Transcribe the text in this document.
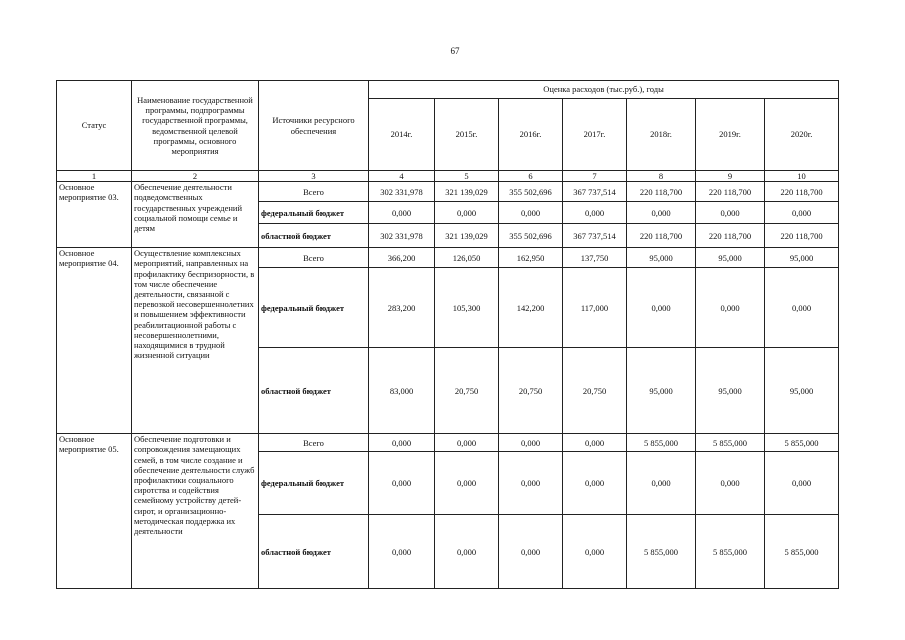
67
Статус	Наименование государственной программы, подпрограммы государственной программы, ведомственной целевой программы, основного мероприятия	Источники ресурсного обеспечения	Оценка расходов (тыс.руб.), годы						
			2014г.	2015г.	2016г.	2017г.	2018г.	2019г.	2020г.
1	2	3	4	5	6	7	8	9	10
Основное мероприятие 03.	Обеспечение деятельности подведомственных государственных учреждений социальной помощи семье и детям	Всего	302 331,978	321 139,029	355 502,696	367 737,514	220 118,700	220 118,700	220 118,700
		федеральный бюджет	0,000	0,000	0,000	0,000	0,000	0,000	0,000
		областной бюджет	302 331,978	321 139,029	355 502,696	367 737,514	220 118,700	220 118,700	220 118,700
Основное мероприятие 04.	Осуществление комплексных мероприятий, направленных на профилактику беспризорности, в том числе обеспечение деятельности, связанной с перевозкой несовершеннолетних и повышением эффективности реабилитационной работы с несовершеннолетними, находящимися в трудной жизненной ситуации	Всего	366,200	126,050	162,950	137,750	95,000	95,000	95,000
		федеральный бюджет	283,200	105,300	142,200	117,000	0,000	0,000	0,000
		областной бюджет	83,000	20,750	20,750	20,750	95,000	95,000	95,000
Основное мероприятие 05.	Обеспечение подготовки и сопровождения замещающих семей, в том числе создание и обеспечение деятельности служб профилактики социального сиротства и содействия семейному устройству детей-сирот, и организационно-методическая поддержка их деятельности	Всего	0,000	0,000	0,000	0,000	5 855,000	5 855,000	5 855,000
		федеральный бюджет	0,000	0,000	0,000	0,000	0,000	0,000	0,000
		областной бюджет	0,000	0,000	0,000	0,000	5 855,000	5 855,000	5 855,000
